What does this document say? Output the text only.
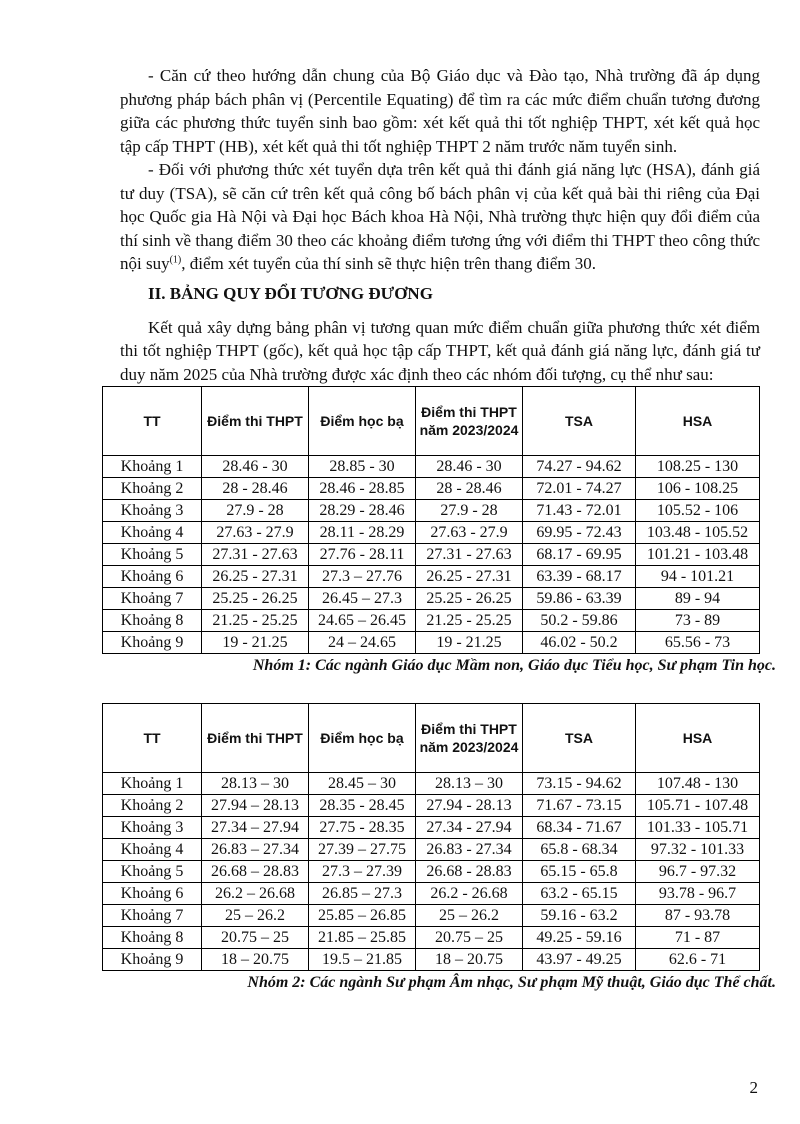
- Căn cứ theo hướng dẫn chung của Bộ Giáo dục và Đào tạo, Nhà trường đã áp dụng phương pháp bách phân vị (Percentile Equating) để tìm ra các mức điểm chuẩn tương đương giữa các phương thức tuyển sinh bao gồm: xét kết quả thi tốt nghiệp THPT, xét kết quả học tập cấp THPT (HB), xét kết quả thi tốt nghiệp THPT 2 năm trước năm tuyển sinh.

- Đối với phương thức xét tuyển dựa trên kết quả thi đánh giá năng lực (HSA), đánh giá tư duy (TSA), sẽ căn cứ trên kết quả công bố bách phân vị của kết quả bài thi riêng của Đại học Quốc gia Hà Nội và Đại học Bách khoa Hà Nội, Nhà trường thực hiện quy đổi điểm của thí sinh về thang điểm 30 theo các khoảng điểm tương ứng với điểm thi THPT theo công thức nội suy$^{(1)}$, điểm xét tuyển của thí sinh sẽ thực hiện trên thang điểm 30.

II. BẢNG QUY ĐỔI TƯƠNG ĐƯƠNG

Kết quả xây dựng bảng phân vị tương quan mức điểm chuẩn giữa phương thức xét điểm thi tốt nghiệp THPT (gốc), kết quả học tập cấp THPT, kết quả đánh giá năng lực, đánh giá tư duy năm 2025 của Nhà trường được xác định theo các nhóm đối tượng, cụ thể như sau:

TT	Điểm thi THPT	Điểm học bạ	Điểm thi THPT năm 2023/2024	TSA	HSA
Khoảng 1	28.46 - 30	28.85 - 30	28.46 - 30	74.27 - 94.62	108.25 - 130
Khoảng 2	28 - 28.46	28.46 - 28.85	28 - 28.46	72.01 - 74.27	106 - 108.25
Khoảng 3	27.9 - 28	28.29 - 28.46	27.9 - 28	71.43 - 72.01	105.52 - 106
Khoảng 4	27.63 - 27.9	28.11 - 28.29	27.63 - 27.9	69.95 - 72.43	103.48 - 105.52
Khoảng 5	27.31 - 27.63	27.76 - 28.11	27.31 - 27.63	68.17 - 69.95	101.21 - 103.48
Khoảng 6	26.25 - 27.31	27.3 – 27.76	26.25 - 27.31	63.39 - 68.17	94 - 101.21
Khoảng 7	25.25 - 26.25	26.45 – 27.3	25.25 - 26.25	59.86 - 63.39	89 - 94
Khoảng 8	21.25 - 25.25	24.65 – 26.45	21.25 - 25.25	50.2 - 59.86	73 - 89
Khoảng 9	19 - 21.25	24 – 24.65	19 - 21.25	46.02 - 50.2	65.56 - 73
Nhóm 1: Các ngành Giáo dục Mầm non, Giáo dục Tiểu học, Sư phạm Tin học.
TT	Điểm thi THPT	Điểm học bạ	Điểm thi THPT năm 2023/2024	TSA	HSA
Khoảng 1	28.13 – 30	28.45 – 30	28.13 – 30	73.15 - 94.62	107.48 - 130
Khoảng 2	27.94 – 28.13	28.35 - 28.45	27.94 - 28.13	71.67 - 73.15	105.71 - 107.48
Khoảng 3	27.34 – 27.94	27.75 - 28.35	27.34 - 27.94	68.34 - 71.67	101.33 - 105.71
Khoảng 4	26.83 – 27.34	27.39 – 27.75	26.83 - 27.34	65.8 - 68.34	97.32 - 101.33
Khoảng 5	26.68 – 28.83	27.3 – 27.39	26.68 - 28.83	65.15 - 65.8	96.7 - 97.32
Khoảng 6	26.2 – 26.68	26.85 – 27.3	26.2 - 26.68	63.2 - 65.15	93.78 - 96.7
Khoảng 7	25 – 26.2	25.85 – 26.85	25 – 26.2	59.16 - 63.2	87 - 93.78
Khoảng 8	20.75 – 25	21.85 – 25.85	20.75 – 25	49.25 - 59.16	71 - 87
Khoảng 9	18 – 20.75	19.5 – 21.85	18 – 20.75	43.97 - 49.25	62.6 - 71
Nhóm 2: Các ngành Sư phạm Âm nhạc, Sư phạm Mỹ thuật, Giáo dục Thể chất.
2
